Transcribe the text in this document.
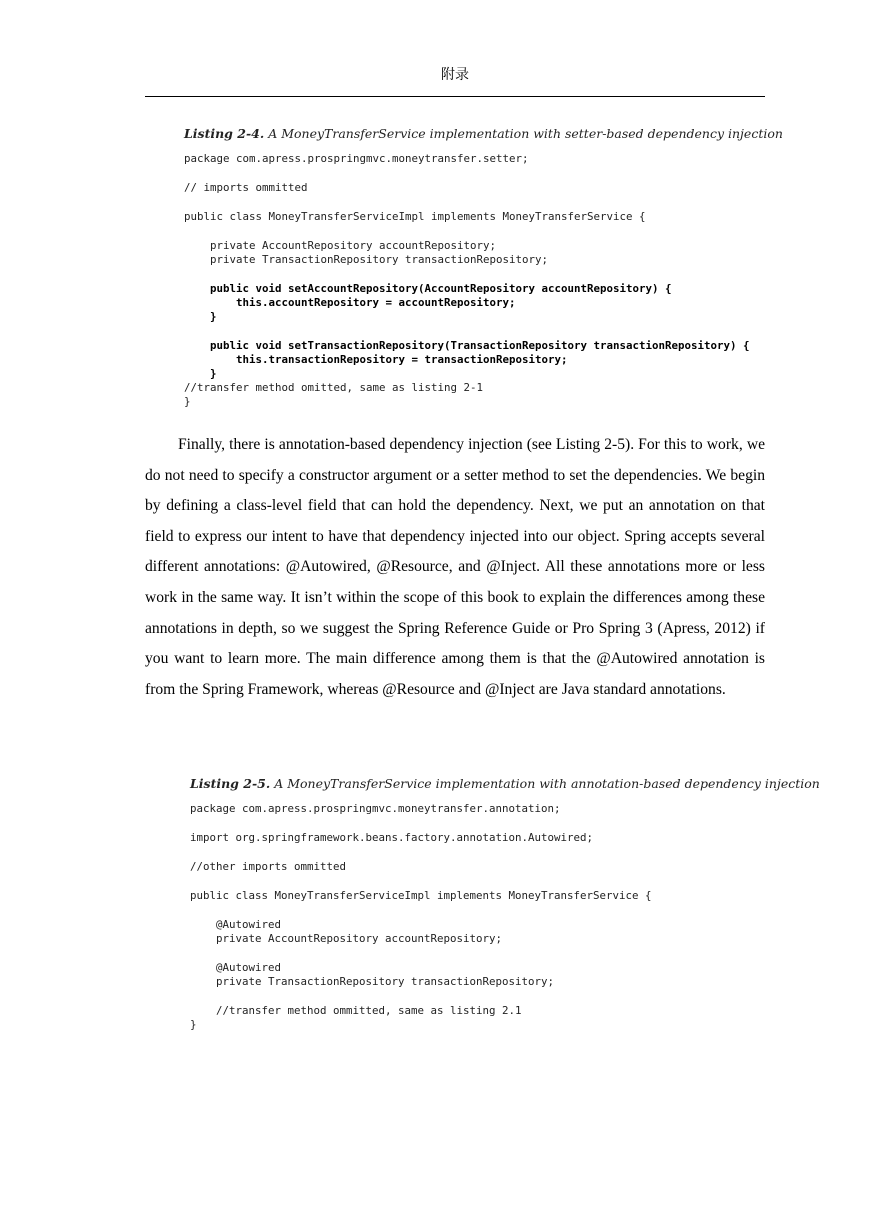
附录
Listing 2-4. A MoneyTransferService implementation with setter-based dependency injection
package com.apress.prospringmvc.moneytransfer.setter;
// imports ommitted
public class MoneyTransferServiceImpl implements MoneyTransferService {
private AccountRepository accountRepository;
private TransactionRepository transactionRepository;
public void setAccountRepository(AccountRepository accountRepository) {
this.accountRepository = accountRepository;
}
public void setTransactionRepository(TransactionRepository transactionRepository) {
this.transactionRepository = transactionRepository;
}
//transfer method omitted, same as listing 2-1
}
Finally, there is annotation-based dependency injection (see Listing 2-5). For this to work, we do not need to specify a constructor argument or a setter method to set the dependencies. We begin by defining a class-level field that can hold the dependency. Next, we put an annotation on that field to express our intent to have that dependency injected into our object. Spring accepts several different annotations: @Autowired, @Resource, and @Inject. All these annotations more or less work in the same way. It isn’t within the scope of this book to explain the differences among these annotations in depth, so we suggest the Spring Reference Guide or Pro Spring 3 (Apress, 2012) if you want to learn more. The main difference among them is that the @Autowired annotation is from the Spring Framework, whereas @Resource and @Inject are Java standard annotations.
Listing 2-5. A MoneyTransferService implementation with annotation-based dependency injection
package com.apress.prospringmvc.moneytransfer.annotation;
import org.springframework.beans.factory.annotation.Autowired;
//other imports ommitted
public class MoneyTransferServiceImpl implements MoneyTransferService {
@Autowired
private AccountRepository accountRepository;
@Autowired
private TransactionRepository transactionRepository;
//transfer method ommitted, same as listing 2.1
}
